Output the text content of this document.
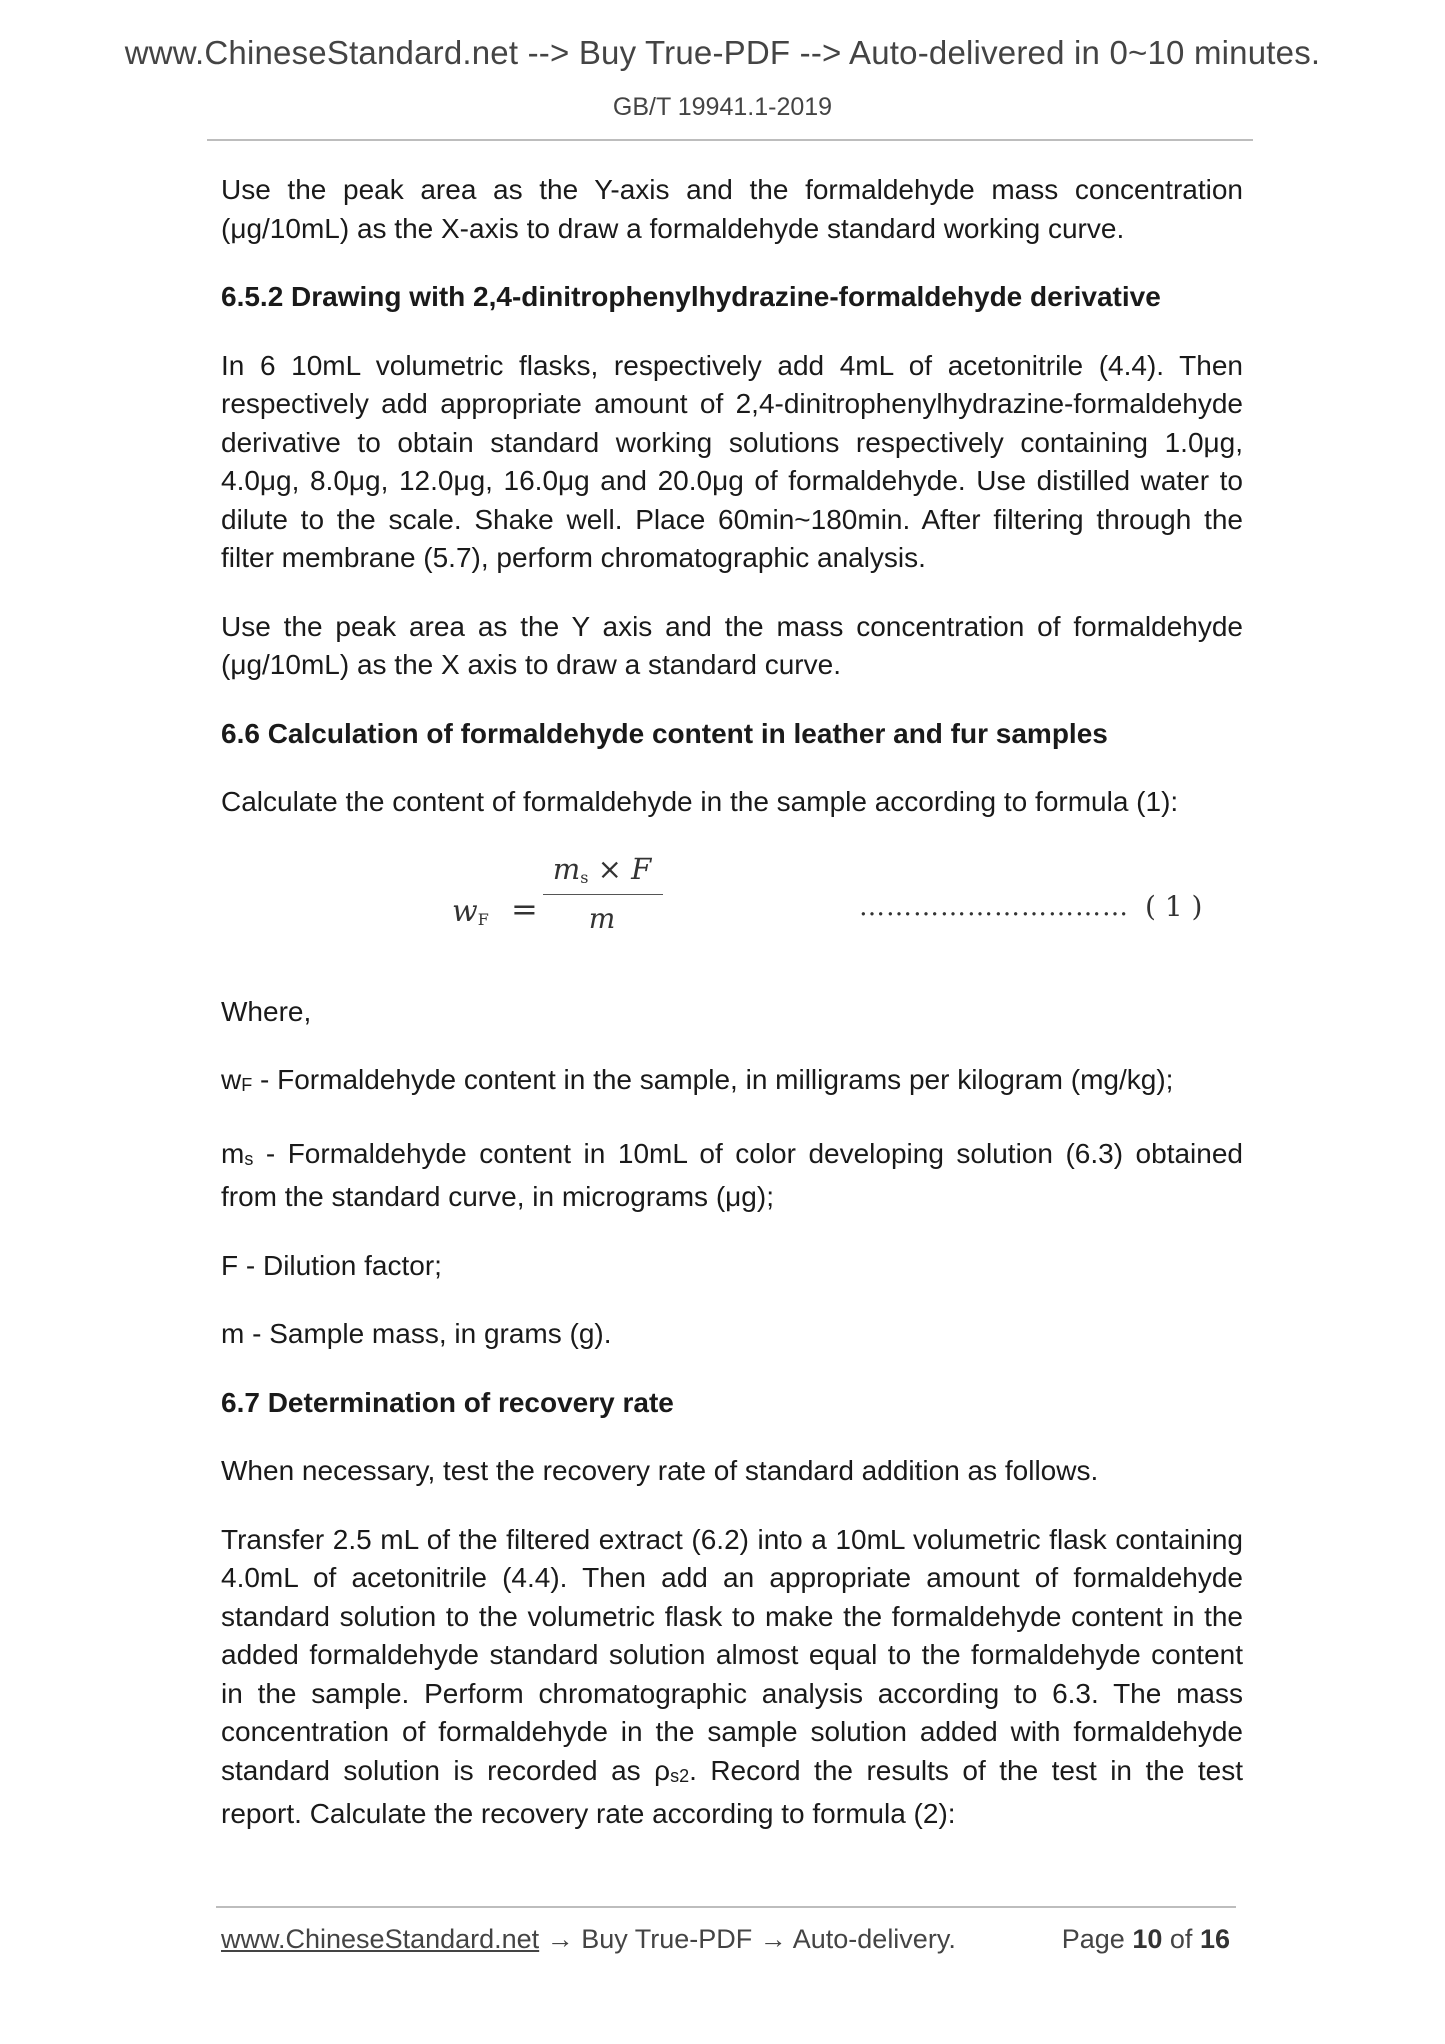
www.ChineseStandard.net --> Buy True-PDF --> Auto-delivered in 0~10 minutes.
GB/T 19941.1-2019

Use the peak area as the Y-axis and the formaldehyde mass concentration (μg/10mL) as the X-axis to draw a formaldehyde standard working curve.

6.5.2 Drawing with 2,4-dinitrophenylhydrazine-formaldehyde derivative

In 6 10mL volumetric flasks, respectively add 4mL of acetonitrile (4.4). Then respectively add appropriate amount of 2,4-dinitrophenylhydrazine-formaldehyde derivative to obtain standard working solutions respectively containing 1.0μg, 4.0μg, 8.0μg, 12.0μg, 16.0μg and 20.0μg of formaldehyde. Use distilled water to dilute to the scale. Shake well. Place 60min~180min. After filtering through the filter membrane (5.7), perform chromatographic analysis.

Use the peak area as the Y axis and the mass concentration of formaldehyde (μg/10mL) as the X axis to draw a standard curve.

6.6 Calculation of formaldehyde content in leather and fur samples

Calculate the content of formaldehyde in the sample according to formula (1):

wF =
$m_s \times F$
m	………………………… ( 1 )

Where,

wF - Formaldehyde content in the sample, in milligrams per kilogram (mg/kg);

ms - Formaldehyde content in 10mL of color developing solution (6.3) obtained from the standard curve, in micrograms (μg);

F - Dilution factor;

m - Sample mass, in grams (g).

6.7 Determination of recovery rate

When necessary, test the recovery rate of standard addition as follows.

Transfer 2.5 mL of the filtered extract (6.2) into a 10mL volumetric flask containing 4.0mL of acetonitrile (4.4). Then add an appropriate amount of formaldehyde standard solution to the volumetric flask to make the formaldehyde content in the added formaldehyde standard solution almost equal to the formaldehyde content in the sample. Perform chromatographic analysis according to 6.3. The mass concentration of formaldehyde in the sample solution added with formaldehyde standard solution is recorded as ρs2. Record the results of the test in the test report. Calculate the recovery rate according to formula (2):

www.ChineseStandard.net → Buy True-PDF → Auto-delivery.	Page 10 of 16
